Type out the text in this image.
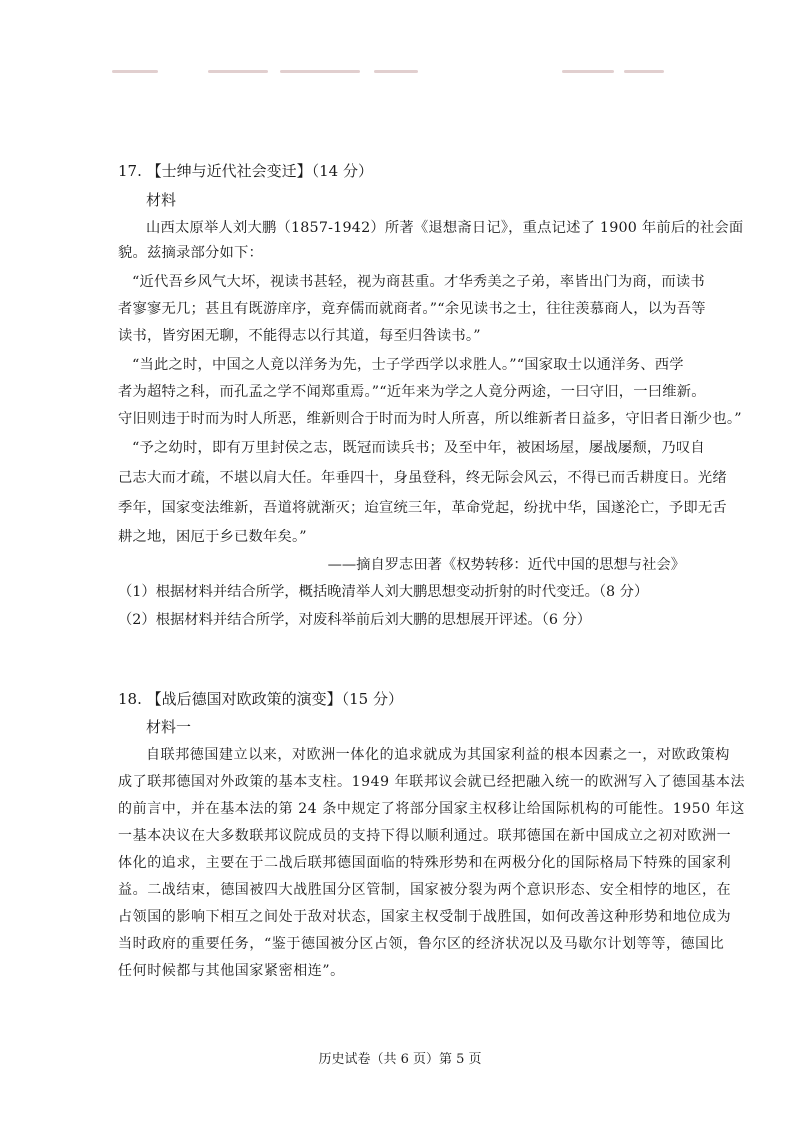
17. 【士绅与近代社会变迁】（14 分）
材料
山西太原举人刘大鹏（1857-1942）所著《退想斋日记》，重点记述了 1900 年前后的社会面
貌。兹摘录部分如下：
“近代吾乡风气大坏，视读书甚轻，视为商甚重。才华秀美之子弟，率皆出门为商，而读书
者寥寥无几；甚且有既游庠序，竟弃儒而就商者。”“余见读书之士，往往羡慕商人，以为吾等
读书，皆穷困无聊，不能得志以行其道，每至归咎读书。”
“当此之时，中国之人竟以洋务为先，士子学西学以求胜人。”“国家取士以通洋务、西学
者为超特之科，而孔孟之学不闻郑重焉。”“近年来为学之人竟分两途，一曰守旧，一曰维新。
守旧则违于时而为时人所恶，维新则合于时而为时人所喜，所以维新者日益多，守旧者日渐少也。”
“予之幼时，即有万里封侯之志，既冠而读兵书；及至中年，被困场屋，屡战屡颓，乃叹自
己志大而才疏，不堪以肩大任。年垂四十，身虽登科，终无际会风云，不得已而舌耕度日。光绪
季年，国家变法维新，吾道将就渐灭；迨宣统三年，革命党起，纷扰中华，国遂沦亡，予即无舌
耕之地，困厄于乡已数年矣。”
——摘自罗志田著《权势转移：近代中国的思想与社会》
（1）根据材料并结合所学，概括晚清举人刘大鹏思想变动折射的时代变迁。（8 分）
（2）根据材料并结合所学，对废科举前后刘大鹏的思想展开评述。（6 分）
18. 【战后德国对欧政策的演变】（15 分）
材料一
自联邦德国建立以来，对欧洲一体化的追求就成为其国家利益的根本因素之一，对欧政策构
成了联邦德国对外政策的基本支柱。1949 年联邦议会就已经把融入统一的欧洲写入了德国基本法
的前言中，并在基本法的第 24 条中规定了将部分国家主权移让给国际机构的可能性。1950 年这
一基本决议在大多数联邦议院成员的支持下得以顺利通过。联邦德国在新中国成立之初对欧洲一
体化的追求，主要在于二战后联邦德国面临的特殊形势和在两极分化的国际格局下特殊的国家利
益。二战结束，德国被四大战胜国分区管制，国家被分裂为两个意识形态、安全相悖的地区，在
占领国的影响下相互之间处于敌对状态，国家主权受制于战胜国，如何改善这种形势和地位成为
当时政府的重要任务，“鉴于德国被分区占领，鲁尔区的经济状况以及马歇尔计划等等，德国比
任何时候都与其他国家紧密相连”。
历史试卷（共 6 页）第 5 页
